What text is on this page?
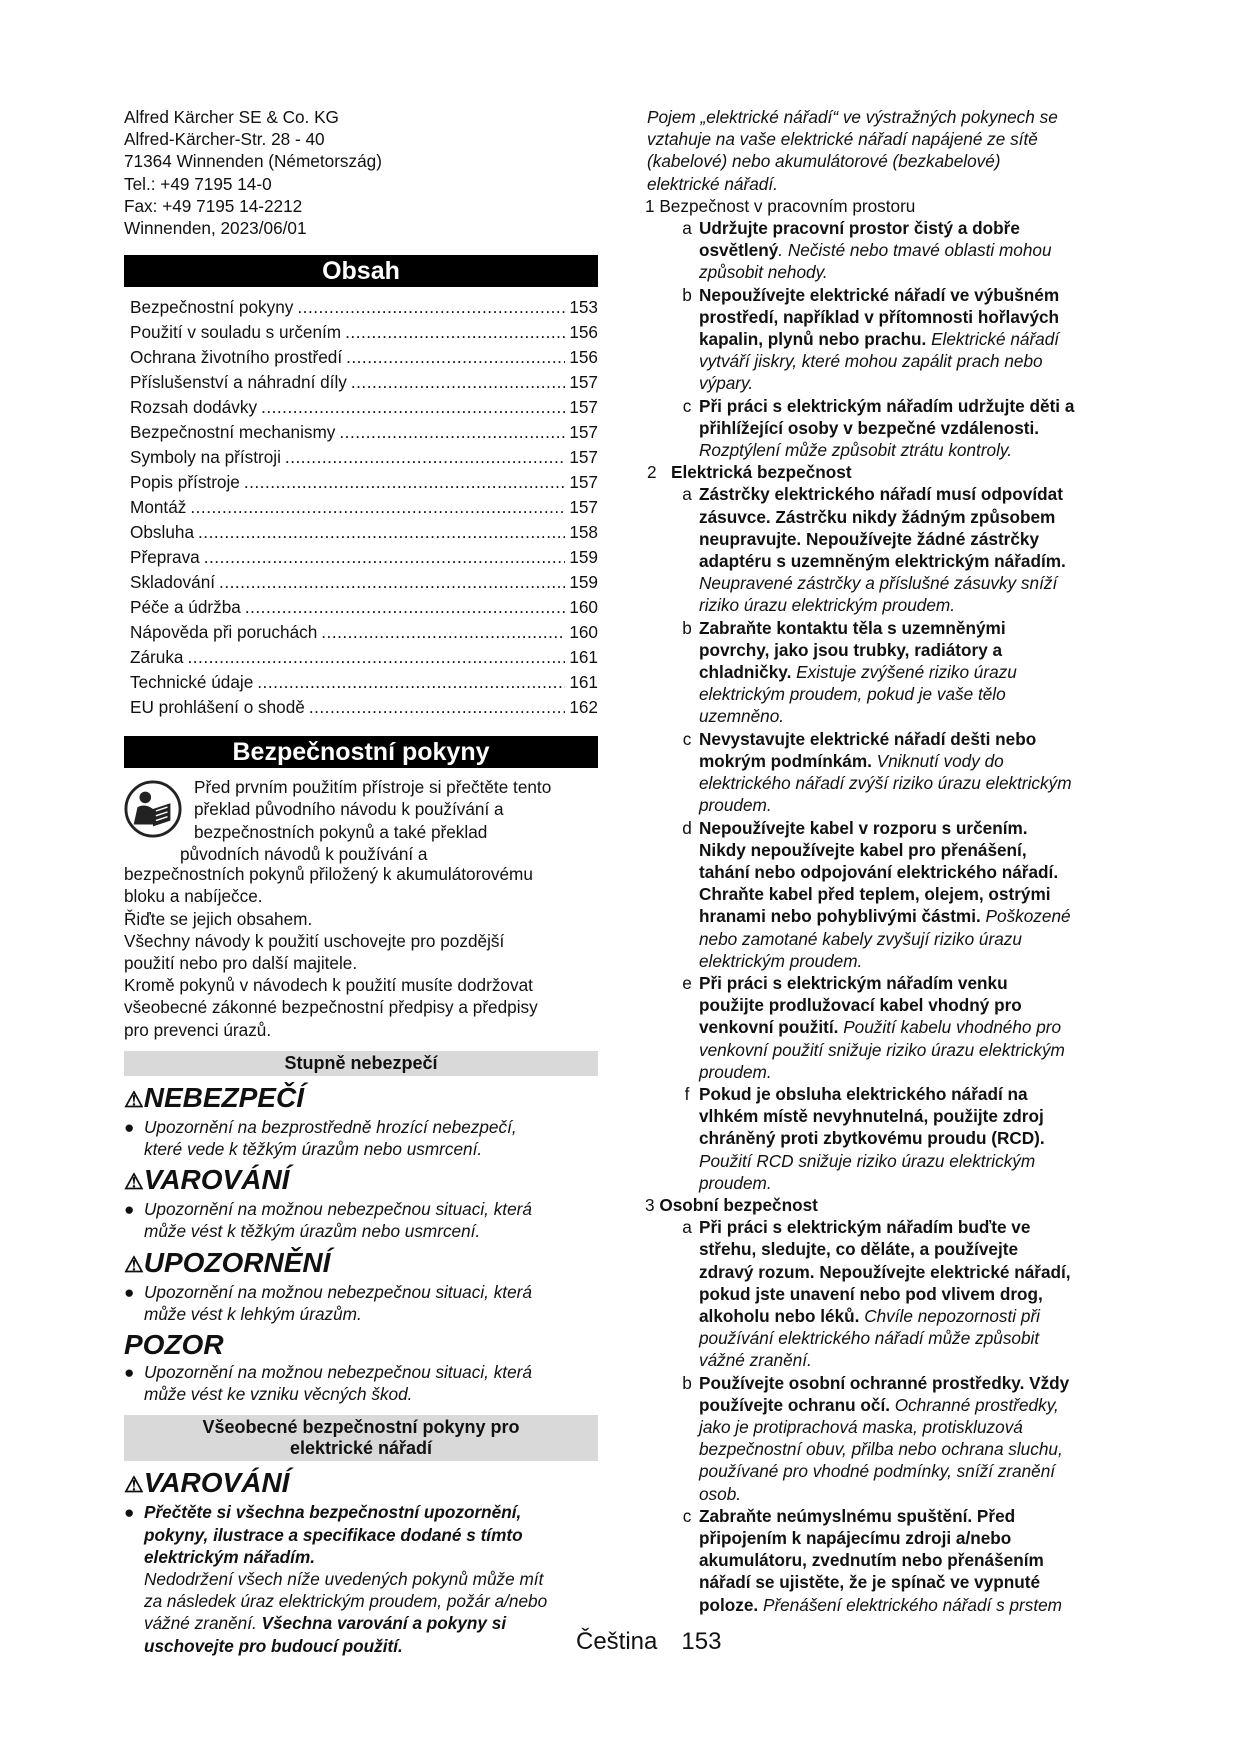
Alfred Kärcher SE & Co. KG
Alfred-Kärcher-Str. 28 - 40
71364 Winnenden (Németország)
Tel.: +49 7195 14-0
Fax: +49 7195 14-2212
Winnenden, 2023/06/01
Obsah
Bezpečnostní pokyny .....	153
Použití v souladu s určením .....	156
Ochrana životního prostředí .....	156
Příslušenství a náhradní díly .....	157
Rozsah dodávky .....	157
Bezpečnostní mechanismy .....	157
Symboly na přístroji .....	157
Popis přístroje .....	157
Montáž .....	157
Obsluha .....	158
Přeprava .....	159
Skladování .....	159
Péče a údržba .....	160
Nápověda při poruchách .....	160
Záruka .....	161
Technické údaje .....	161
EU prohlášení o shodě .....	162
Bezpečnostní pokyny
Před prvním použitím přístroje si přečtěte tento
překlad původního návodu k používání a
bezpečnostních pokynů a také překlad
původních návodů k používání a
bezpečnostních pokynů přiložený k akumulátorovému
bloku a nabíječce.
Řiďte se jejich obsahem.
Všechny návody k použití uschovejte pro pozdější
použití nebo pro další majitele.
Kromě pokynů v návodech k použití musíte dodržovat
všeobecné zákonné bezpečnostní předpisy a předpisy
pro prevenci úrazů.
Stupně nebezpečí
⚠NEBEZPEČÍ
● Upozornění na bezprostředně hrozící nebezpečí,
které vede k těžkým úrazům nebo usmrcení.
⚠VAROVÁNÍ
● Upozornění na možnou nebezpečnou situaci, která
může vést k těžkým úrazům nebo usmrcení.
⚠UPOZORNĚNÍ
● Upozornění na možnou nebezpečnou situaci, která
může vést k lehkým úrazům.
POZOR
● Upozornění na možnou nebezpečnou situaci, která
může vést ke vzniku věcných škod.
Všeobecné bezpečnostní pokyny pro
elektrické nářadí
⚠VAROVÁNÍ
● Přečtěte si všechna bezpečnostní upozornění,
pokyny, ilustrace a specifikace dodané s tímto
elektrickým nářadím.
Nedodržení všech níže uvedených pokynů může mít
za následek úraz elektrickým proudem, požár a/nebo
vážné zranění. Všechna varování a pokyny si
uschovejte pro budoucí použití.
Pojem „elektrické nářadí“ ve výstražných pokynech se
vztahuje na vaše elektrické nářadí napájené ze sítě
(kabelové) nebo akumulátorové (bezkabelové)
elektrické nářadí.
1
Bezpečnost v pracovním prostoru
a Udržujte pracovní prostor čistý a dobře
osvětlený. Nečisté nebo tmavé oblasti mohou
způsobit nehody.
b Nepoužívejte elektrické nářadí ve výbušném
prostředí, například v přítomnosti hořlavých
kapalin, plynů nebo prachu. Elektrické nářadí
vytváří jiskry, které mohou zapálit prach nebo
výpary.
c Při práci s elektrickým nářadím udržujte děti a
přihlížející osoby v bezpečné vzdálenosti.
Rozptýlení může způsobit ztrátu kontroly.
2 Elektrická bezpečnost
a Zástrčky elektrického nářadí musí odpovídat
zásuvce. Zástrčku nikdy žádným způsobem
neupravujte. Nepoužívejte žádné zástrčky
adaptéru s uzemněným elektrickým nářadím.
Neupravené zástrčky a příslušné zásuvky sníží
riziko úrazu elektrickým proudem.
b Zabraňte kontaktu těla s uzemněnými
povrchy, jako jsou trubky, radiátory a
chladničky. Existuje zvýšené riziko úrazu
elektrickým proudem, pokud je vaše tělo
uzemněno.
c Nevystavujte elektrické nářadí dešti nebo
mokrým podmínkám. Vniknutí vody do
elektrického nářadí zvýší riziko úrazu elektrickým
proudem.
d Nepoužívejte kabel v rozporu s určením.
Nikdy nepoužívejte kabel pro přenášení,
tahání nebo odpojování elektrického nářadí.
Chraňte kabel před teplem, olejem, ostrými
hranami nebo pohyblivými částmi. Poškozené
nebo zamotané kabely zvyšují riziko úrazu
elektrickým proudem.
e Při práci s elektrickým nářadím venku
použijte prodlužovací kabel vhodný pro
venkovní použití. Použití kabelu vhodného pro
venkovní použití snižuje riziko úrazu elektrickým
proudem.
f Pokud je obsluha elektrického nářadí na
vlhkém místě nevyhnutelná, použijte zdroj
chráněný proti zbytkovému proudu (RCD).
Použití RCD snižuje riziko úrazu elektrickým
proudem.
3
Osobní bezpečnost
a Při práci s elektrickým nářadím buďte ve
střehu, sledujte, co děláte, a používejte
zdravý rozum. Nepoužívejte elektrické nářadí,
pokud jste unavení nebo pod vlivem drog,
alkoholu nebo léků. Chvíle nepozornosti při
používání elektrického nářadí může způsobit
vážné zranění.
b Používejte osobní ochranné prostředky. Vždy
používejte ochranu očí. Ochranné prostředky,
jako je protiprachová maska, protiskluzová
bezpečnostní obuv, přilba nebo ochrana sluchu,
používané pro vhodné podmínky, sníží zranění
osob.
c Zabraňte neúmyslnému spuštění. Před
připojením k napájecímu zdroji a/nebo
akumulátoru, zvednutím nebo přenášením
nářadí se ujistěte, že je spínač ve vypnuté
poloze. Přenášení elektrického nářadí s prstem
Čeština 153
